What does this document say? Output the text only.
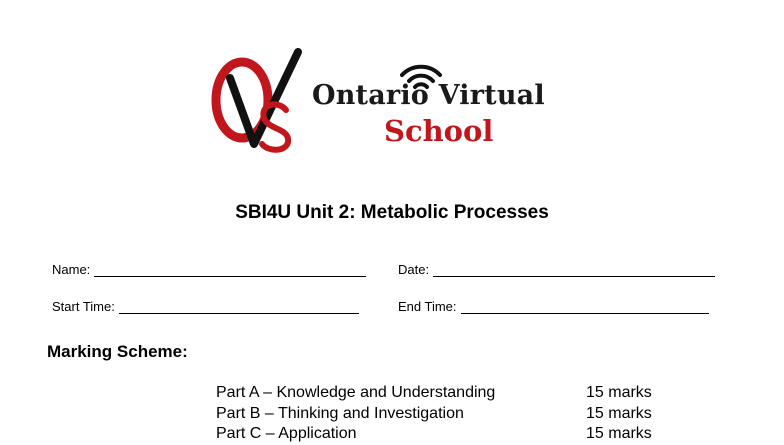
Ontario Virtual
School
SBI4U Unit 2: Metabolic Processes
Name:	Date:
Start Time:	End Time:
Marking Scheme:
Part A – Knowledge and Understanding	15 marks
Part B – Thinking and Investigation	15 marks
Part C – Application	15 marks
